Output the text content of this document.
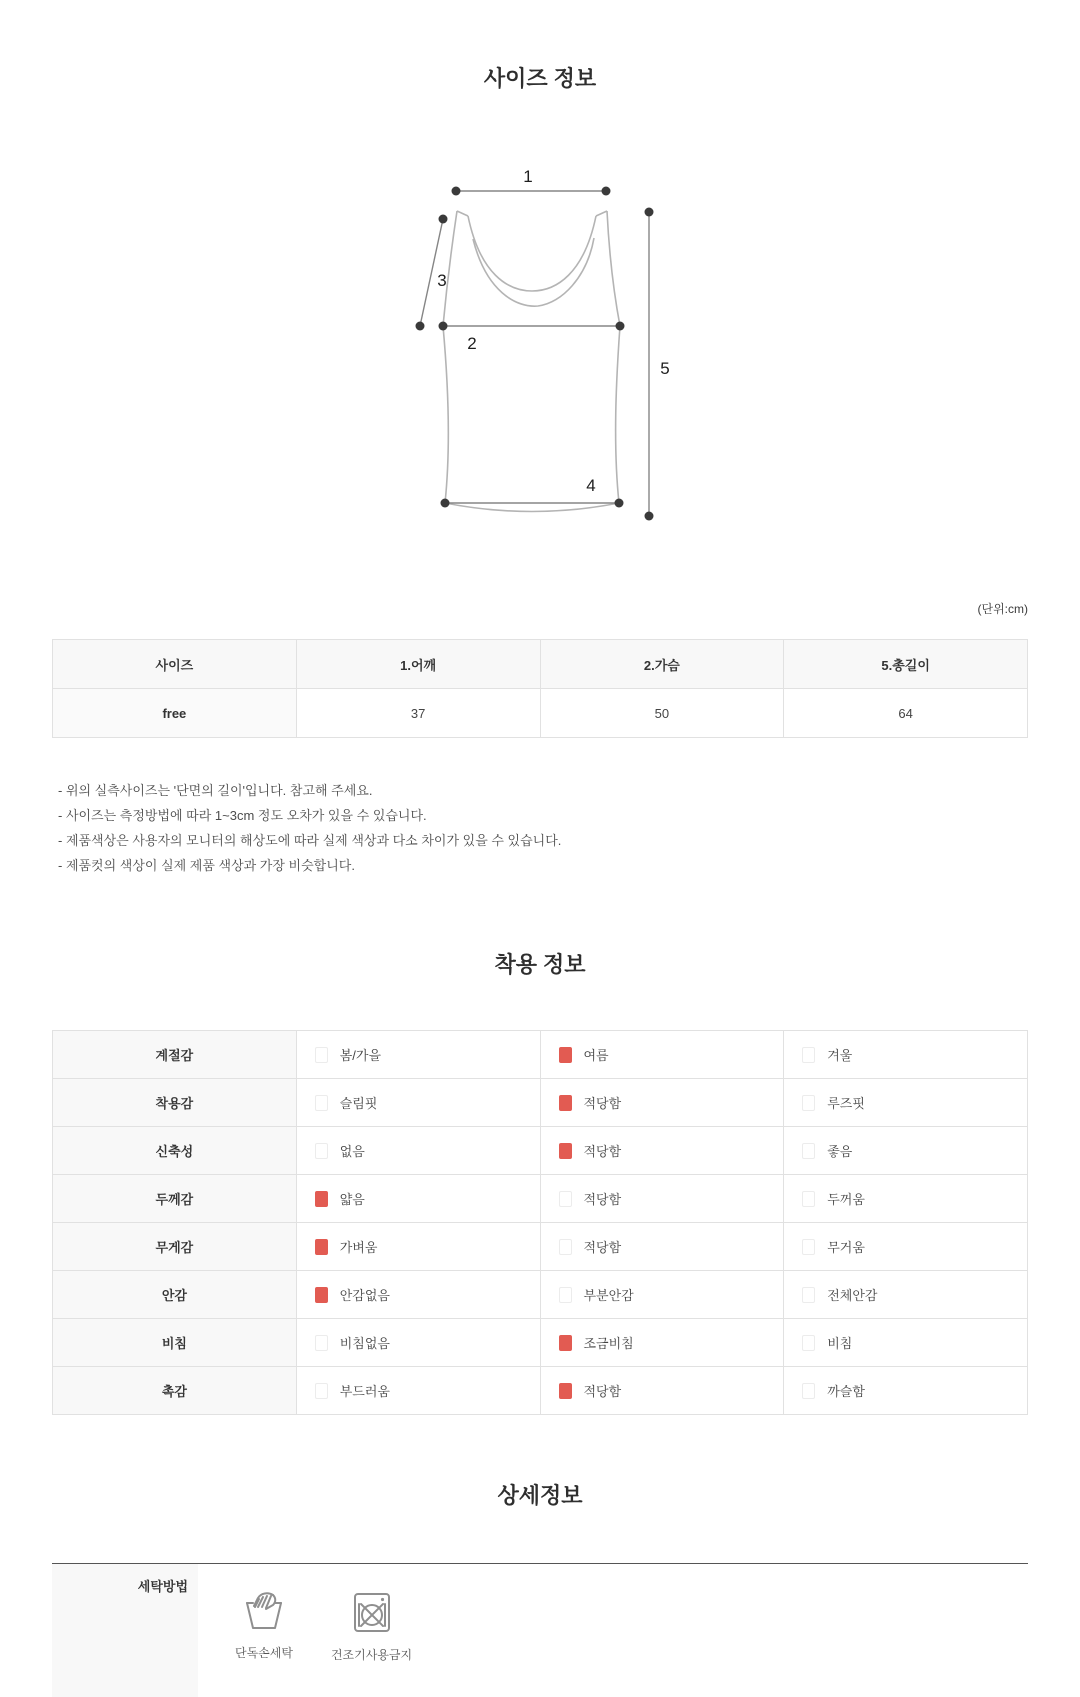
사이즈 정보
1
2
3
4
5
(단위:cm)
사이즈	1.어깨	2.가슴	5.총길이
free	37	50	64
- 위의 실측사이즈는 '단면의 길이'입니다. 참고해 주세요.
- 사이즈는 측정방법에 따라 1~3cm 정도 오차가 있을 수 있습니다.
- 제품색상은 사용자의 모니터의 해상도에 따라 실제 색상과 다소 차이가 있을 수 있습니다.
- 제품컷의 색상이 실제 제품 색상과 가장 비슷합니다.
착용 정보
계절감	봄/가을	여름	겨울

착용감	슬림핏	적당함	루즈핏

신축성	없음	적당함	좋음

두께감	얇음	적당함	두꺼움

무게감	가벼움	적당함	무거움

안감	안감없음	부분안감	전체안감

비침	비침없음	조금비침	비침

촉감	부드러움	적당함	까슬함
상세정보
세탁방법
단독손세탁	건조기사용금지
